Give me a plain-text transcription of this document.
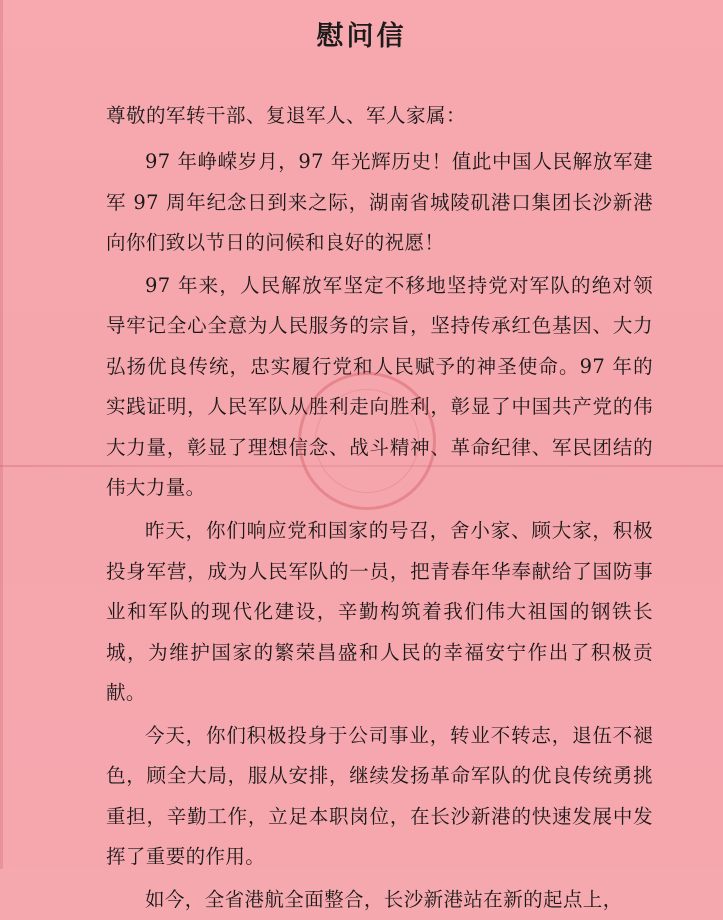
慰问信
尊敬的军转干部、复退军人、军人家属：

97 年峥嵘岁月，97 年光辉历史！值此中国人民解放军建军 97 周年纪念日到来之际，湖南省城陵矶港口集团长沙新港向你们致以节日的问候和良好的祝愿！

97 年来，人民解放军坚定不移地坚持党对军队的绝对领导牢记全心全意为人民服务的宗旨，坚持传承红色基因、大力弘扬优良传统，忠实履行党和人民赋予的神圣使命。97 年的实践证明，人民军队从胜利走向胜利，彰显了中国共产党的伟大力量，彰显了理想信念、战斗精神、革命纪律、军民团结的伟大力量。

昨天，你们响应党和国家的号召，舍小家、顾大家，积极投身军营，成为人民军队的一员，把青春年华奉献给了国防事业和军队的现代化建设，辛勤构筑着我们伟大祖国的钢铁长城，为维护国家的繁荣昌盛和人民的幸福安宁作出了积极贡献。

今天，你们积极投身于公司事业，转业不转志，退伍不褪色，顾全大局，服从安排，继续发扬革命军队的优良传统勇挑重担，辛勤工作，立足本职岗位，在长沙新港的快速发展中发挥了重要的作用。

如今，全省港航全面整合，长沙新港站在新的起点上，
